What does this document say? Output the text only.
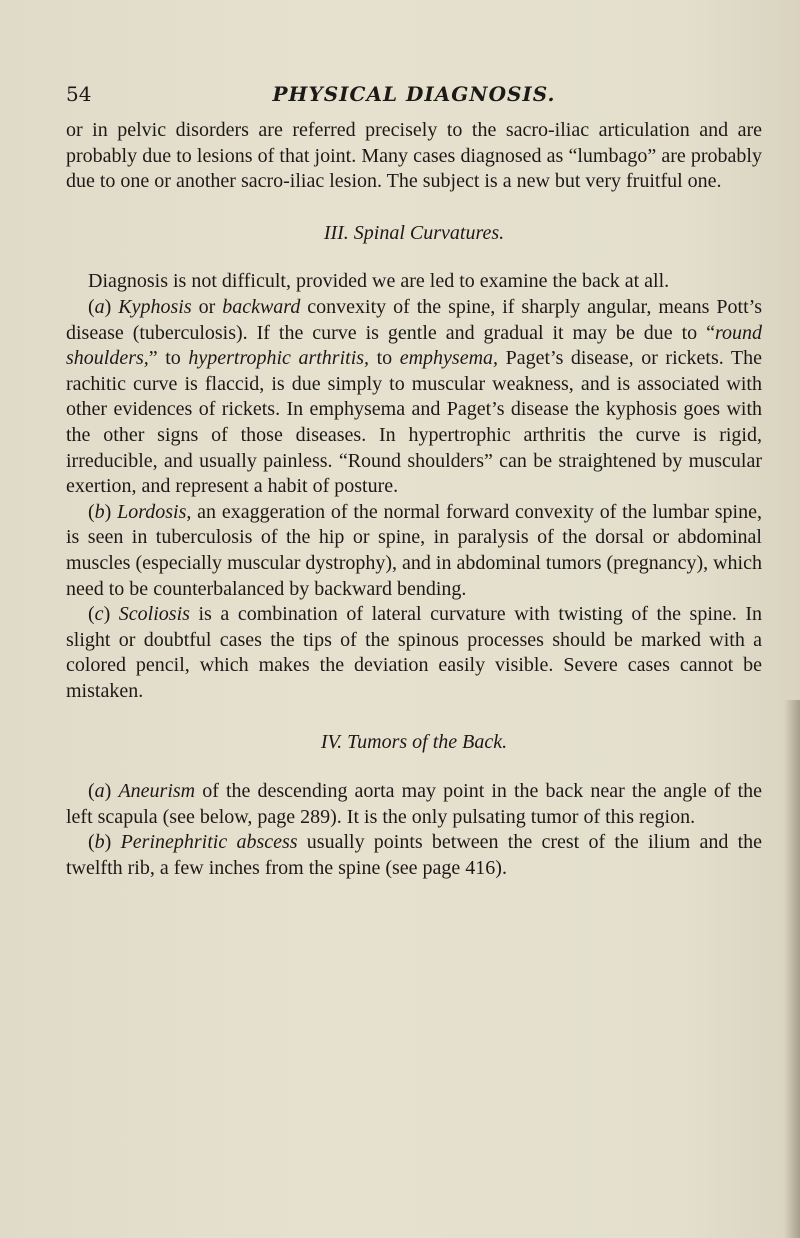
54	PHYSICAL DIAGNOSIS.

or in pelvic disorders are referred precisely to the sacro-iliac articulation and are probably due to lesions of that joint. Many cases diagnosed as “lumbago” are probably due to one or another sacro-iliac lesion. The subject is a new but very fruitful one.

III. Spinal Curvatures.

Diagnosis is not difficult, provided we are led to examine the back at all.

(a) Kyphosis or backward convexity of the spine, if sharply angular, means Pott’s disease (tuberculosis). If the curve is gentle and gradual it may be due to “round shoulders,” to hypertrophic arthritis, to emphysema, Paget’s disease, or rickets. The rachitic curve is flaccid, is due simply to muscular weakness, and is associated with other evidences of rickets. In emphysema and Paget’s disease the kyphosis goes with the other signs of those diseases. In hypertrophic arthritis the curve is rigid, irreducible, and usually painless. “Round shoulders” can be straightened by muscular exertion, and represent a habit of posture.

(b) Lordosis, an exaggeration of the normal forward convexity of the lumbar spine, is seen in tuberculosis of the hip or spine, in paralysis of the dorsal or abdominal muscles (especially muscular dystrophy), and in abdominal tumors (pregnancy), which need to be counterbalanced by backward bending.

(c) Scoliosis is a combination of lateral curvature with twisting of the spine. In slight or doubtful cases the tips of the spinous processes should be marked with a colored pencil, which makes the deviation easily visible. Severe cases cannot be mistaken.

IV. Tumors of the Back.

(a) Aneurism of the descending aorta may point in the back near the angle of the left scapula (see below, page 289). It is the only pulsating tumor of this region.

(b) Perinephritic abscess usually points between the crest of the ilium and the twelfth rib, a few inches from the spine (see page 416).
